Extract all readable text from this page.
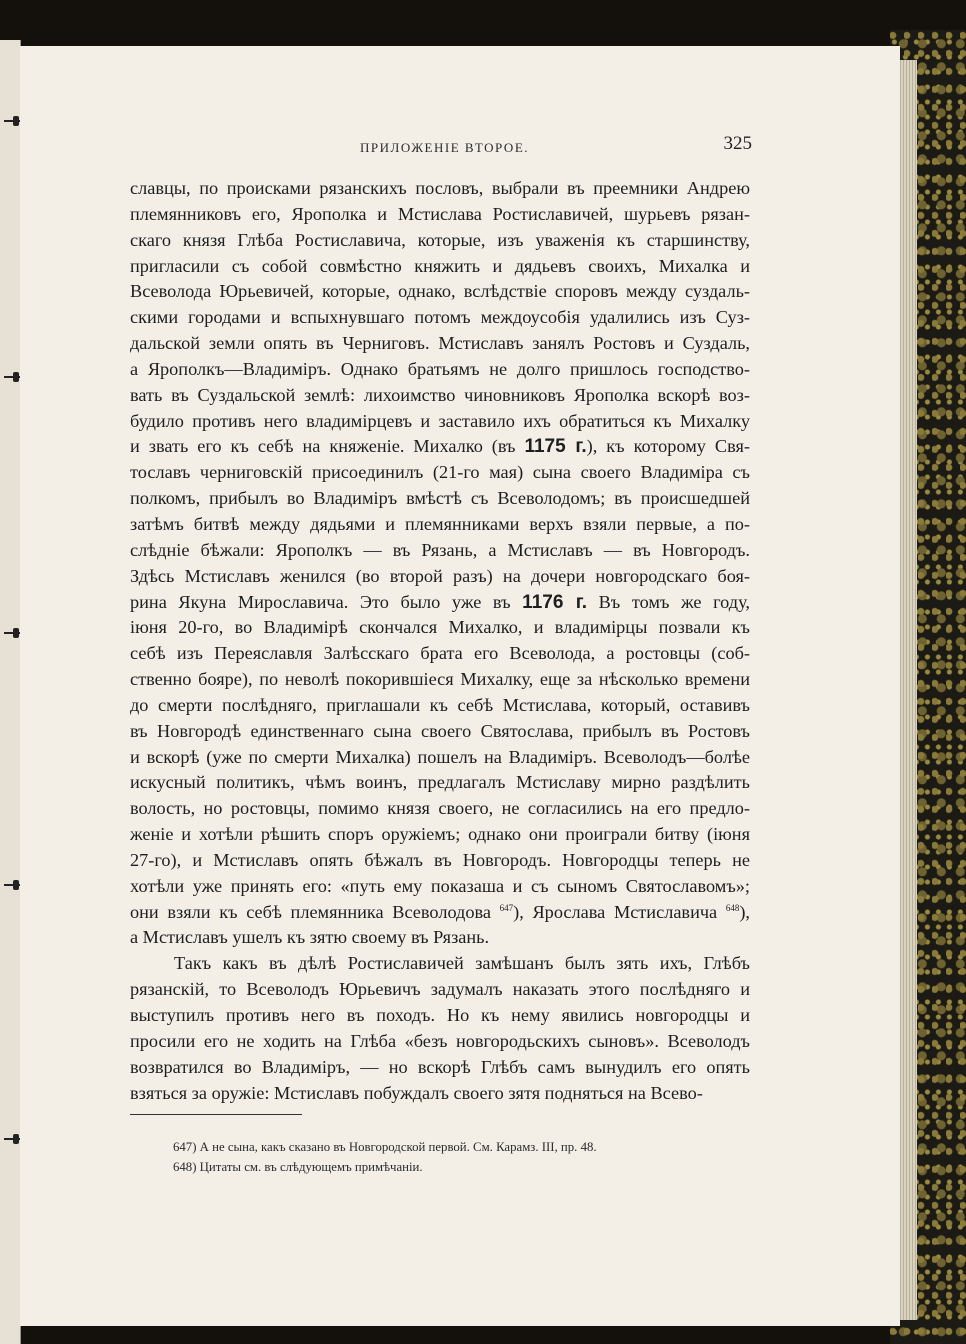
ПРИЛОЖЕНІЕ ВТОРОЕ.	325
славцы, по происками рязанскихъ пословъ, выбрали въ преемники Андрею
племянниковъ его, Ярополка и Мстислава Ростиславичей, шурьевъ рязан-
скаго князя Глѣба Ростиславича, которые, изъ уваженія къ старшинству,
пригласили съ собой совмѣстно княжить и дядьевъ своихъ, Михалка и
Всеволода Юрьевичей, которые, однако, вслѣдствіе споровъ между суздаль-
скими городами и вспыхнувшаго потомъ междоусобія удалились изъ Суз-
дальской земли опять въ Черниговъ. Мстиславъ занялъ Ростовъ и Суздаль,
а Ярополкъ—Владиміръ. Однако братьямъ не долго пришлось господство-
вать въ Суздальской землѣ: лихоимство чиновниковъ Ярополка вскорѣ воз-
будило противъ него владимірцевъ и заставило ихъ обратиться къ Михалку
и звать его къ себѣ на княженіе. Михалко (въ 1175 г.), къ которому Свя-
тославъ черниговскій присоединилъ (21-го мая) сына своего Владиміра съ
полкомъ, прибылъ во Владиміръ вмѣстѣ съ Всеволодомъ; въ происшедшей
затѣмъ битвѣ между дядьями и племянниками верхъ взяли первые, а по-
слѣдніе бѣжали: Ярополкъ — въ Рязань, а Мстиславъ — въ Новгородъ.
Здѣсь Мстиславъ женился (во второй разъ) на дочери новгородскаго боя-
рина Якуна Мирославича. Это было уже въ 1176 г. Въ томъ же году,
іюня 20-го, во Владимірѣ скончался Михалко, и владимірцы позвали къ
себѣ изъ Переяславля Залѣсскаго брата его Всеволода, а ростовцы (соб-
ственно бояре), по неволѣ покорившіеся Михалку, еще за нѣсколько времени
до смерти послѣдняго, приглашали къ себѣ Мстислава, который, оставивъ
въ Новгородѣ единственнаго сына своего Святослава, прибылъ въ Ростовъ
и вскорѣ (уже по смерти Михалка) пошелъ на Владиміръ. Всеволодъ—болѣе
искусный политикъ, чѣмъ воинъ, предлагалъ Мстиславу мирно раздѣлить
волость, но ростовцы, помимо князя своего, не согласились на его предло-
женіе и хотѣли рѣшить споръ оружіемъ; однако они проиграли битву (іюня
27-го), и Мстиславъ опять бѣжалъ въ Новгородъ. Новгородцы теперь не
хотѣли уже принять его: «путь ему показаша и съ сыномъ Святославомъ»;
они взяли къ себѣ племянника Всеволодова $^{647}$), Ярослава Мстиславича $^{648}$),
а Мстиславъ ушелъ къ зятю своему въ Рязань.
Такъ какъ въ дѣлѣ Ростиславичей замѣшанъ былъ зять ихъ, Глѣбъ
рязанскій, то Всеволодъ Юрьевичъ задумалъ наказать этого послѣдняго и
выступилъ противъ него въ походъ. Но къ нему явились новгородцы и
просили его не ходить на Глѣба «безъ новгородьскихъ сыновъ». Всеволодъ
возвратился во Владиміръ, — но вскорѣ Глѣбъ самъ вынудилъ его опять
взяться за оружіе: Мстиславъ побуждалъ своего зятя подняться на Всево-
647) А не сына, какъ сказано въ Новгородской первой. См. Карамз. III, пр. 48.
648) Цитаты см. въ слѣдующемъ примѣчаніи.
